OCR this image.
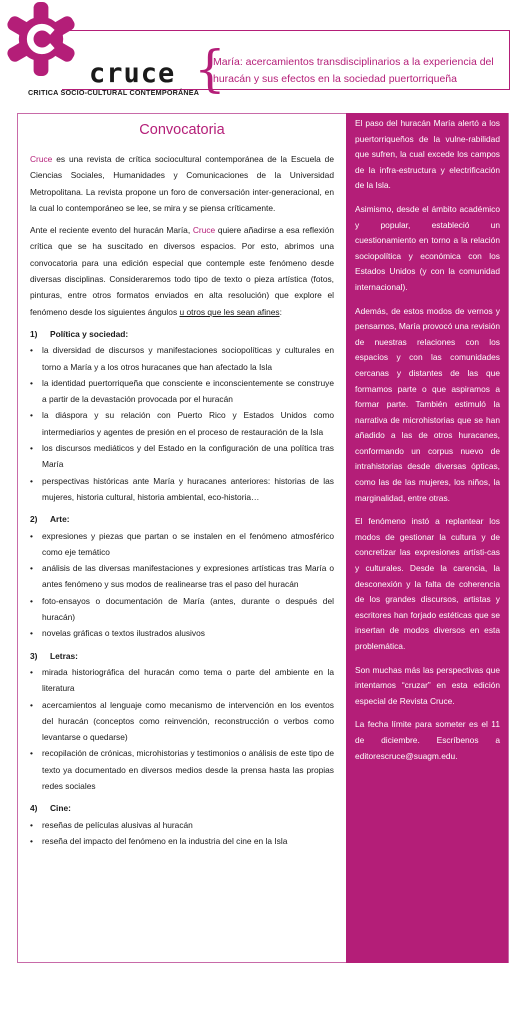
cruce
CRITICA SOCIO-CULTURAL CONTEMPORÁNEA
{
María: acercamientos transdisciplinarios a la experiencia del huracán y sus efectos en la sociedad puertorriqueña
Convocatoria

Cruce es una revista de crítica sociocultural contemporánea de la Escuela de Ciencias Sociales, Humanidades y Comunicaciones de la Universidad Metropolitana. La revista propone un foro de conversación inter-generacional, en la cual lo contemporáneo se lee, se mira y se piensa críticamente.

Ante el reciente evento del huracán María, Cruce quiere añadirse a esa reflexión crítica que se ha suscitado en diversos espacios. Por esto, abrimos una convocatoria para una edición especial que contemple este fenómeno desde diversas disciplinas. Consideraremos todo tipo de texto o pieza artística (fotos, pinturas, entre otros formatos enviados en alta resolución) que explore el fenómeno desde los siguientes ángulos u otros que les sean afines:

1) Política y sociedad:
• la diversidad de discursos y manifestaciones sociopolíticas y culturales en torno a María y a los otros huracanes que han afectado la Isla
• la identidad puertorriqueña que consciente e inconscientemente se construye a partir de la devastación provocada por el huracán
• la diáspora y su relación con Puerto Rico y Estados Unidos como intermediarios y agentes de presión en el proceso de restauración de la Isla
• los discursos mediáticos y del Estado en la configuración de una política tras María
• perspectivas históricas ante María y huracanes anteriores: historias de las mujeres, historia cultural, historia ambiental, eco-historia…
2) Arte:
• expresiones y piezas que partan o se instalen en el fenómeno atmosférico como eje temático
• análisis de las diversas manifestaciones y expresiones artísticas tras María o antes fenómeno y sus modos de realinearse tras el paso del huracán
• foto-ensayos o documentación de María (antes, durante o después del huracán)
• novelas gráficas o textos ilustrados alusivos
3) Letras:
• mirada historiográfica del huracán como tema o parte del ambiente en la literatura
• acercamientos al lenguaje como mecanismo de intervención en los eventos del huracán (conceptos como reinvención, reconstrucción o verbos como levantarse o quedarse)
• recopilación de crónicas, microhistorias y testimonios o análisis de este tipo de texto ya documentado en diversos medios desde la prensa hasta las propias redes sociales
4) Cine:
• reseñas de películas alusivas al huracán
• reseña del impacto del fenómeno en la industria del cine en la Isla

El paso del huracán María alertó a los puertorriqueños de la vulne-rabilidad que sufren, la cual excede los campos de la infra-estructura y electrificación de la Isla.

Asimismo, desde el ámbito académico y popular, estableció un cuestionamiento en torno a la relación sociopolítica y económica con los Estados Unidos (y con la comunidad internacional).

Además, de estos modos de vernos y pensarnos, María provocó una revisión de nuestras relaciones con los espacios y con las comunidades cercanas y distantes de las que formamos parte o que aspiramos a formar parte. También estimuló la narrativa de microhistorias que se han añadido a las de otros huracanes, conformando un corpus nuevo de intrahistorias desde diversas ópticas, como las de las mujeres, los niños, la marginalidad, entre otras.

El fenómeno instó a replantear los modos de gestionar la cultura y de concretizar las expresiones artísti-cas y culturales. Desde la carencia, la desconexión y la falta de coherencia de los grandes discursos, artistas y escritores han forjado estéticas que se insertan de modos diversos en esta problemática.

Son muchas más las perspectivas que intentamos “cruzar” en esta edición especial de Revista Cruce.

La fecha límite para someter es el 11 de diciembre. Escríbenos a editorescruce@suagm.edu.
